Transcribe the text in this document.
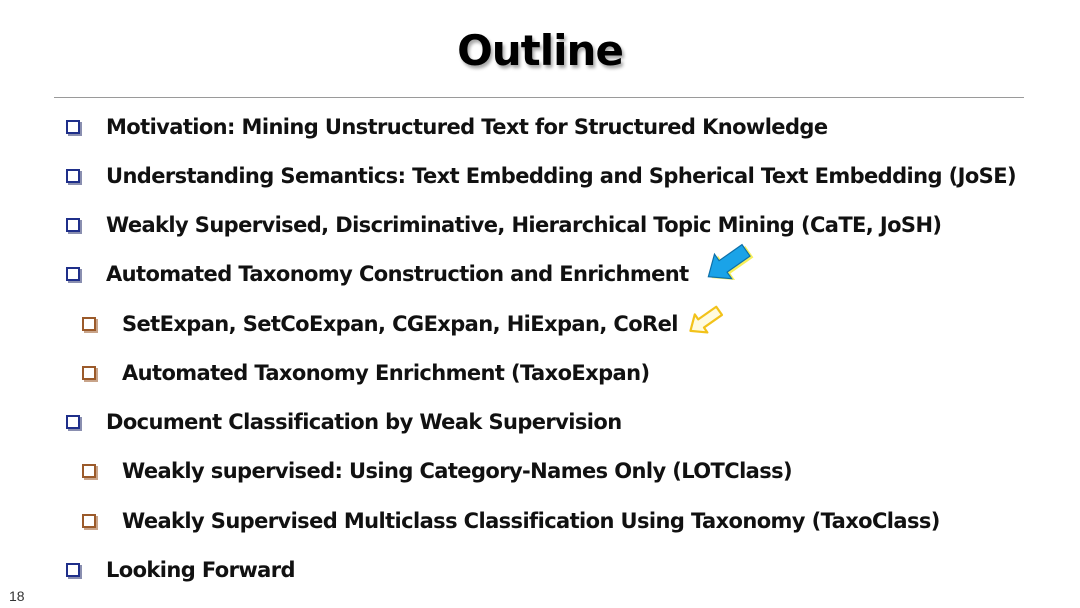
Outline
Motivation: Mining Unstructured Text for Structured Knowledge
Understanding Semantics: Text Embedding and Spherical Text Embedding (JoSE)
Weakly Supervised, Discriminative, Hierarchical Topic Mining (CaTE, JoSH)
Automated Taxonomy Construction and Enrichment
SetExpan, SetCoExpan, CGExpan, HiExpan, CoRel
Automated Taxonomy Enrichment (TaxoExpan)
Document Classification by Weak Supervision
Weakly supervised: Using Category-Names Only (LOTClass)
Weakly Supervised Multiclass Classification Using Taxonomy (TaxoClass)
Looking Forward
18
